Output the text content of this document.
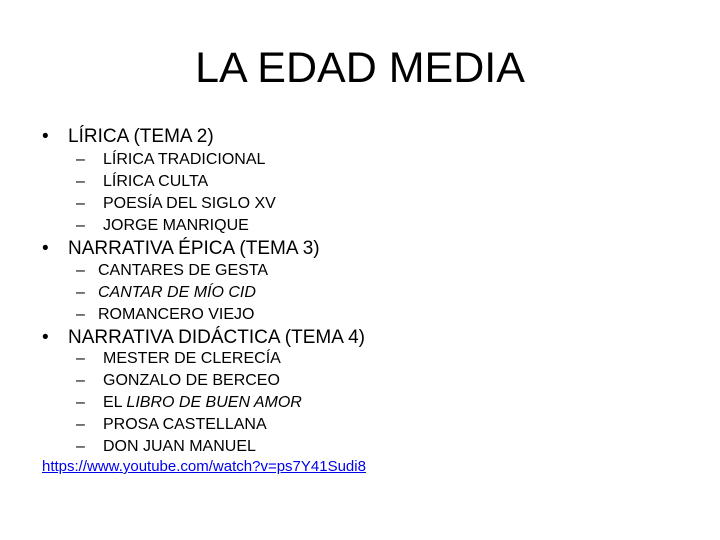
LA EDAD MEDIA
• LÍRICA (TEMA 2)
– LÍRICA TRADICIONAL
– LÍRICA CULTA
– POESÍA DEL SIGLO XV
– JORGE MANRIQUE
• NARRATIVA ÉPICA (TEMA 3)
– CANTARES DE GESTA
– CANTAR DE MÍO CID
– ROMANCERO VIEJO
• NARRATIVA DIDÁCTICA (TEMA 4)
– MESTER DE CLERECÍA
– GONZALO DE BERCEO
– EL LIBRO DE BUEN AMOR
– PROSA CASTELLANA
– DON JUAN MANUEL
https://www.youtube.com/watch?v=ps7Y41Sudi8
